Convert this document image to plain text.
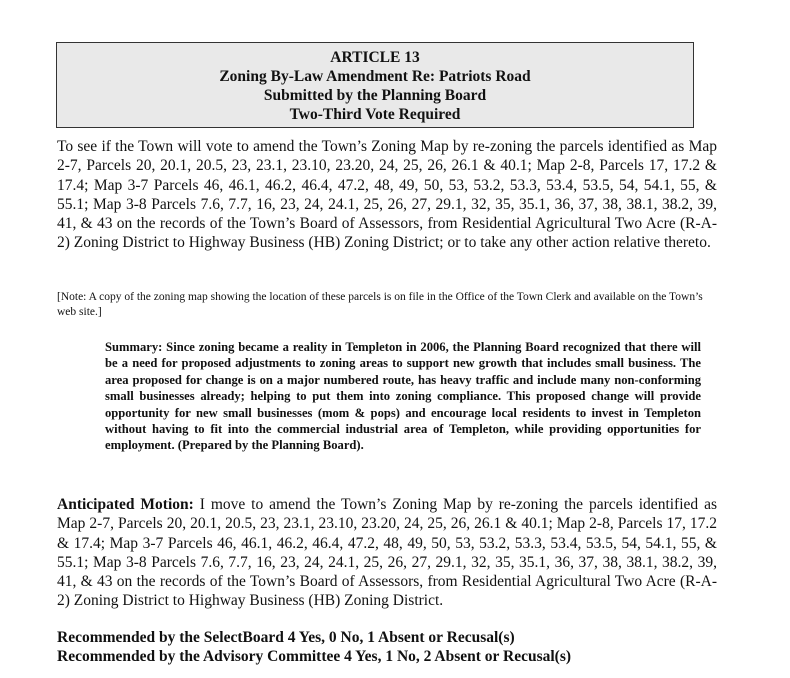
ARTICLE 13
Zoning By-Law Amendment Re: Patriots Road
Submitted by the Planning Board
Two-Third Vote Required

To see if the Town will vote to amend the Town’s Zoning Map by re-zoning the parcels identified as Map 2-7, Parcels 20, 20.1, 20.5, 23, 23.1, 23.10, 23.20, 24, 25, 26, 26.1 & 40.1; Map 2-8, Parcels 17, 17.2 & 17.4; Map 3-7 Parcels 46, 46.1, 46.2, 46.4, 47.2, 48, 49, 50, 53, 53.2, 53.3, 53.4, 53.5, 54, 54.1, 55, & 55.1; Map 3-8 Parcels 7.6, 7.7, 16, 23, 24, 24.1, 25, 26, 27, 29.1, 32, 35, 35.1, 36, 37, 38, 38.1, 38.2, 39, 41, & 43 on the records of the Town’s Board of Assessors, from Residential Agricultural Two Acre (R-A-2) Zoning District to Highway Business (HB) Zoning District; or to take any other action relative thereto.

[Note: A copy of the zoning map showing the location of these parcels is on file in the Office of the Town Clerk and available on the Town’s web site.]

Summary: Since zoning became a reality in Templeton in 2006, the Planning Board recognized that there will be a need for proposed adjustments to zoning areas to support new growth that includes small business. The area proposed for change is on a major numbered route, has heavy traffic and include many non-conforming small businesses already; helping to put them into zoning compliance. This proposed change will provide opportunity for new small businesses (mom & pops) and encourage local residents to invest in Templeton without having to fit into the commercial industrial area of Templeton, while providing opportunities for employment. (Prepared by the Planning Board).

Anticipated Motion: I move to amend the Town’s Zoning Map by re-zoning the parcels identified as Map 2-7, Parcels 20, 20.1, 20.5, 23, 23.1, 23.10, 23.20, 24, 25, 26, 26.1 & 40.1; Map 2-8, Parcels 17, 17.2 & 17.4; Map 3-7 Parcels 46, 46.1, 46.2, 46.4, 47.2, 48, 49, 50, 53, 53.2, 53.3, 53.4, 53.5, 54, 54.1, 55, & 55.1; Map 3-8 Parcels 7.6, 7.7, 16, 23, 24, 24.1, 25, 26, 27, 29.1, 32, 35, 35.1, 36, 37, 38, 38.1, 38.2, 39, 41, & 43 on the records of the Town’s Board of Assessors, from Residential Agricultural Two Acre (R-A-2) Zoning District to Highway Business (HB) Zoning District.

Recommended by the SelectBoard 4 Yes, 0 No, 1 Absent or Recusal(s)
Recommended by the Advisory Committee 4 Yes, 1 No, 2 Absent or Recusal(s)
